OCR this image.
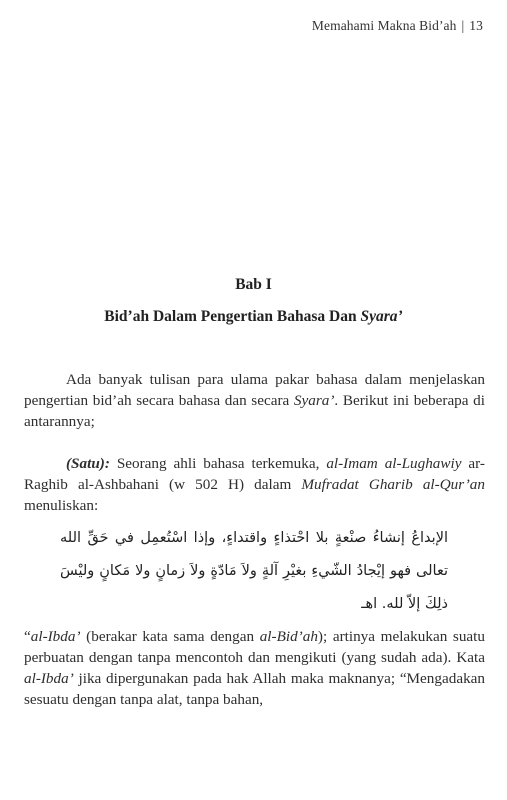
Memahami Makna Bid’ah | 13
Bab I
Bid’ah Dalam Pengertian Bahasa Dan Syara’
Ada banyak tulisan para ulama pakar bahasa dalam menjelaskan pengertian bid’ah secara bahasa dan secara Syara’. Berikut ini beberapa di antarannya;
(Satu): Seorang ahli bahasa terkemuka, al-Imam al-Lughawiy ar-Raghib al-Ashbahani (w 502 H) dalam Mufradat Gharib al-Qur’an menuliskan:
الإبداعُ إنشاءُ صنْعةٍ بلا احْتذاءٍ واقتداءٍ، وإذا اسْتُعمِل في حَقِّ الله تعالى فهو إيْجادُ الشّيءِ بغيْرِ آلةٍ ولاَ مَادّةٍ ولاَ زمانٍ ولا مَكانٍ وليْسَ ذلِكَ إلاّ لله. اهـ
“al-Ibda’ (berakar kata sama dengan al-Bid’ah); artinya melakukan suatu perbuatan dengan tanpa mencontoh dan mengikuti (yang sudah ada). Kata al-Ibda’ jika dipergunakan pada hak Allah maka maknanya; “Mengadakan sesuatu dengan tanpa alat, tanpa bahan,
